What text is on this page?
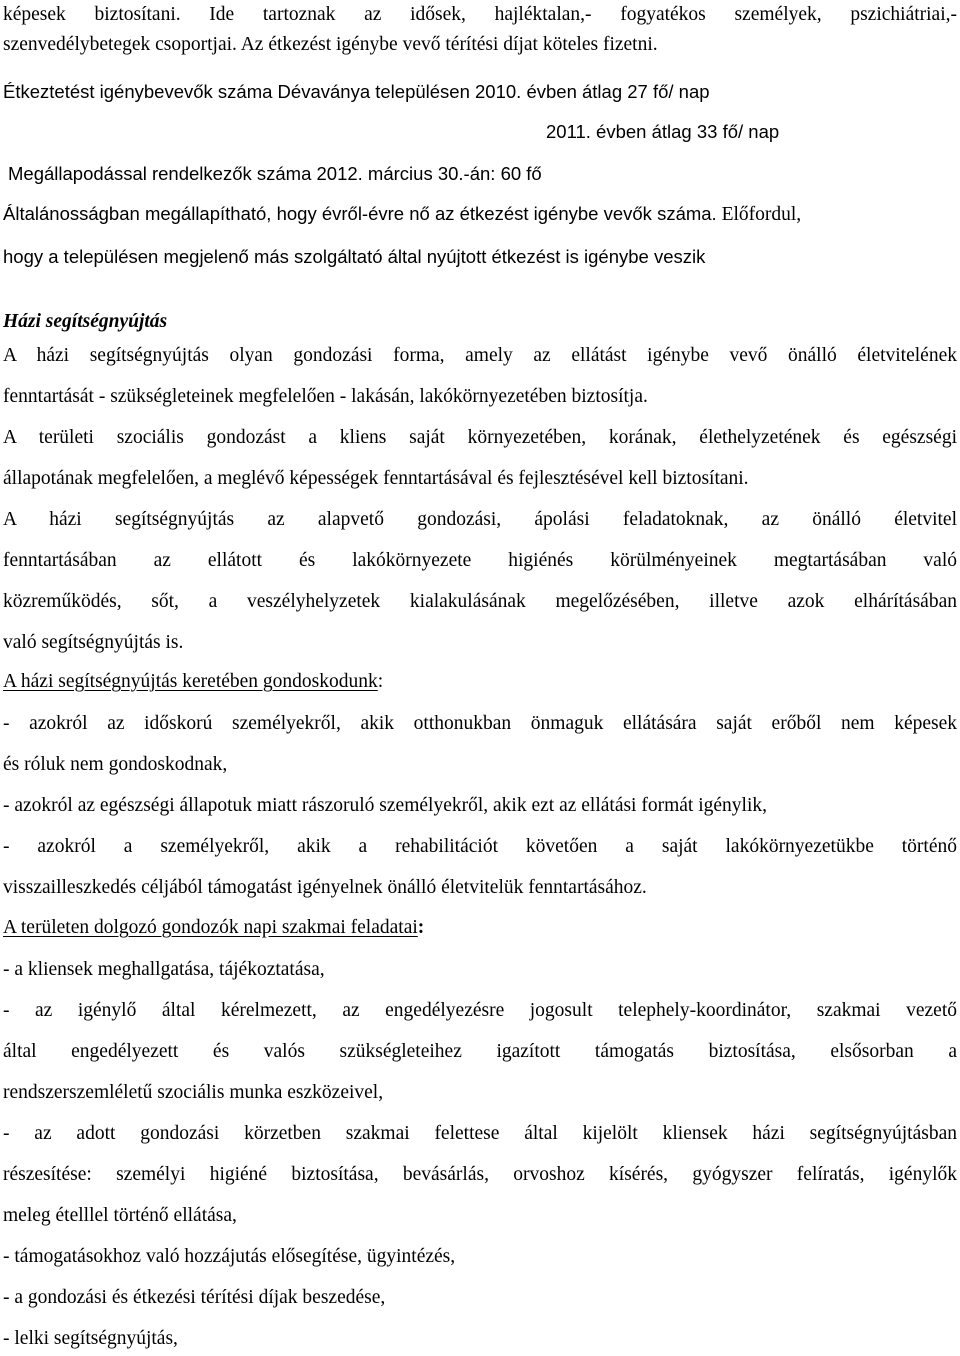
képesek biztosítani. Ide tartoznak az idősek, hajléktalan,- fogyatékos személyek, pszichiátriai,-
szenvedélybetegek csoportjai. Az étkezést igénybe vevő térítési díjat köteles fizetni.
Étkeztetést igénybevevők száma Dévaványa településen 2010. évben átlag 27 fő/ nap
2011. évben átlag 33 fő/ nap
Megállapodással rendelkezők száma 2012. március 30.-án: 60 fő
Általánosságban megállapítható, hogy évről-évre nő az étkezést igénybe vevők száma. Előfordul,
hogy a településen megjelenő más szolgáltató által nyújtott étkezést is igénybe veszik
Házi segítségnyújtás
A házi segítségnyújtás olyan gondozási forma, amely az ellátást igénybe vevő önálló életvitelének
fenntartását - szükségleteinek megfelelően - lakásán, lakókörnyezetében biztosítja.
A területi szociális gondozást a kliens saját környezetében, korának, élethelyzetének és egészségi
állapotának megfelelően, a meglévő képességek fenntartásával és fejlesztésével kell biztosítani.
A házi segítségnyújtás az alapvető gondozási, ápolási feladatoknak, az önálló életvitel
fenntartásában az ellátott és lakókörnyezete higiénés körülményeinek megtartásában való
közreműködés, sőt, a veszélyhelyzetek kialakulásának megelőzésében, illetve azok elhárításában
való segítségnyújtás is.
A házi segítségnyújtás keretében gondoskodunk:
- azokról az időskorú személyekről, akik otthonukban önmaguk ellátására saját erőből nem képesek
és róluk nem gondoskodnak,
- azokról az egészségi állapotuk miatt rászoruló személyekről, akik ezt az ellátási formát igénylik,
- azokról a személyekről, akik a rehabilitációt követően a saját lakókörnyezetükbe történő
visszailleszkedés céljából támogatást igényelnek önálló életvitelük fenntartásához.
A területen dolgozó gondozók napi szakmai feladatai:
- a kliensek meghallgatása, tájékoztatása,
- az igénylő által kérelmezett, az engedélyezésre jogosult telephely-koordinátor, szakmai vezető
által engedélyezett és valós szükségleteihez igazított támogatás biztosítása, elsősorban a
rendszerszemléletű szociális munka eszközeivel,
- az adott gondozási körzetben szakmai felettese által kijelölt kliensek házi segítségnyújtásban
részesítése: személyi higiéné biztosítása, bevásárlás, orvoshoz kísérés, gyógyszer felíratás, igénylők
meleg ételllel történő ellátása,
- támogatásokhoz való hozzájutás elősegítése, ügyintézés,
- a gondozási és étkezési térítési díjak beszedése,
- lelki segítségnyújtás,
